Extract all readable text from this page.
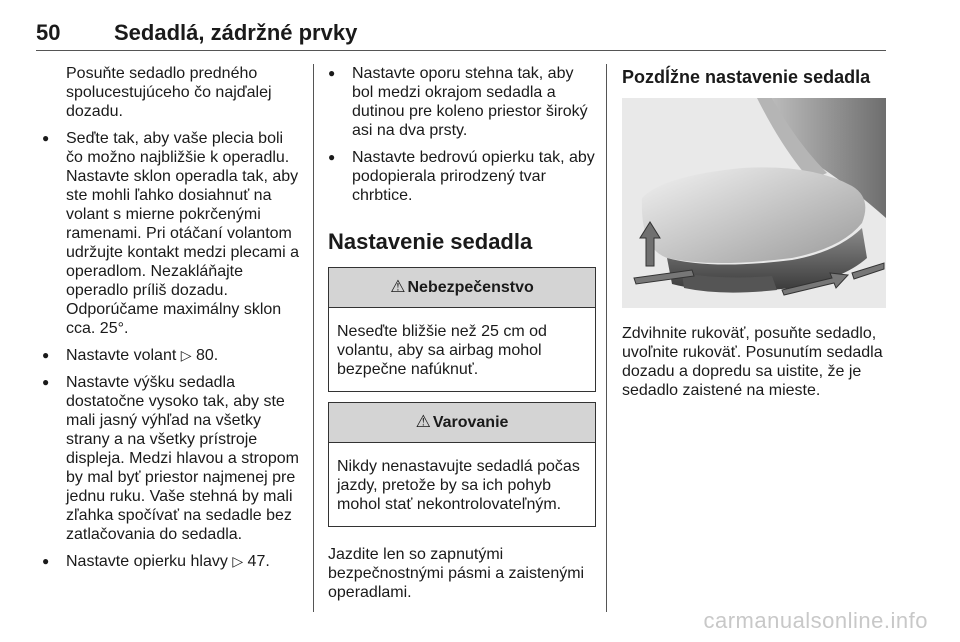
50 Sedadlá, zádržné prvky

Posuňte sedadlo predného spolucestujúceho čo najďalej dozadu.

● Seďte tak, aby vaše plecia boli čo možno najbližšie k operadlu. Nastavte sklon operadla tak, aby ste mohli ľahko dosiahnuť na volant s mierne pokrčenými ramenami. Pri otáčaní volantom udržujte kontakt medzi plecami a operadlom. Nezakláňajte operadlo príliš dozadu. Odporúčame maximálny sklon cca. 25°.
● Nastavte volant ▷ 80.
● Nastavte výšku sedadla dostatočne vysoko tak, aby ste mali jasný výhľad na všetky strany a na všetky prístroje displeja. Medzi hlavou a stropom by mal byť priestor najmenej pre jednu ruku. Vaše stehná by mali zľahka spočívať na sedadle bez zatlačovania do sedadla.
● Nastavte opierku hlavy ▷ 47.
● Nastavte oporu stehna tak, aby bol medzi okrajom sedadla a dutinou pre koleno priestor široký asi na dva prsty.
● Nastavte bedrovú opierku tak, aby podopierala prirodzený tvar chrbtice.
Nastavenie sedadla
⚠ Nebezpečenstvo
Neseďte bližšie než 25 cm od volantu, aby sa airbag mohol bezpečne nafúknuť.
⚠ Varovanie
Nikdy nenastavujte sedadlá počas jazdy, pretože by sa ich pohyb mohol stať nekontrolovateľným.

Jazdite len so zapnutými bezpečnostnými pásmi a zaistenými operadlami.

Pozdĺžne nastavenie sedadla

Zdvihnite rukoväť, posuňte sedadlo, uvoľnite rukoväť. Posunutím sedadla dozadu a dopredu sa uistite, že je sedadlo zaistené na mieste.

carmanualsonline.info
